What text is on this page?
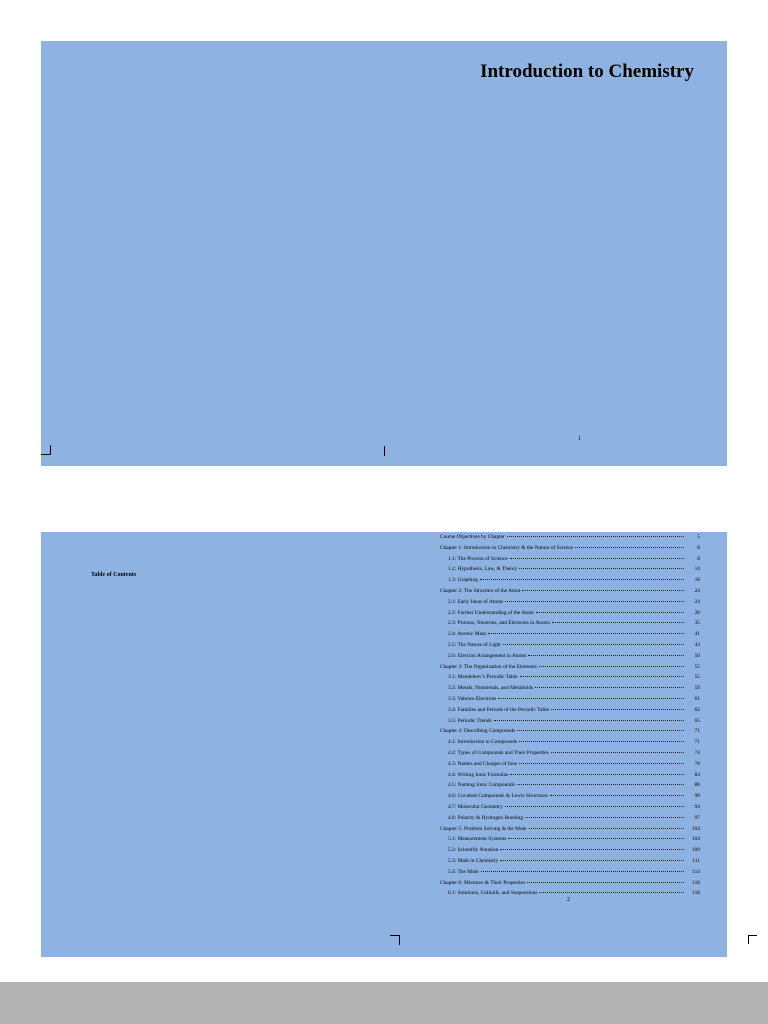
Introduction to Chemistry
1
Table of Contents
Course Objectives by Chapter	5
Chapter 1: Introduction to Chemistry & the Nature of Science	8
1.1: The Process of Science	8
1.2: Hypothesis, Law, & Theory	14
1.3: Graphing	18
Chapter 2: The Structure of the Atom	24
2.1: Early Ideas of Atoms	24
2.2: Further Understanding of the Atom	28
2.3: Protons, Neutrons, and Electrons in Atoms	35
2.4: Atomic Mass	41
2.5: The Nature of Light	43
2.6: Electron Arrangement in Atoms	50
Chapter 3: The Organization of the Elements	55
3.1: Mendeleev’s Periodic Table	55
3.2: Metals, Nonmetals, and Metalloids	59
3.3: Valence Electrons	61
3.4: Families and Periods of the Periodic Table	62
3.5: Periodic Trends	65
Chapter 4: Describing Compounds	71
4.1: Introduction to Compounds	71
4.2: Types of Compounds and Their Properties	74
4.3: Names and Charges of Ions	78
4.4: Writing Ionic Formulas	84
4.5: Naming Ionic Compounds	86
4.6: Covalent Compounds & Lewis Structures	90
4.7: Molecular Geometry	94
4.8: Polarity & Hydrogen Bonding	97
Chapter 5: Problem Solving & the Mole	104
5.1: Measurement Systems	104
5.2: Scientific Notation	109
5.3: Math in Chemistry	111
5.4: The Mole	114
Chapter 6: Mixtures & Their Properties	118
6.1: Solutions, Colloids, and Suspensions	118
2
